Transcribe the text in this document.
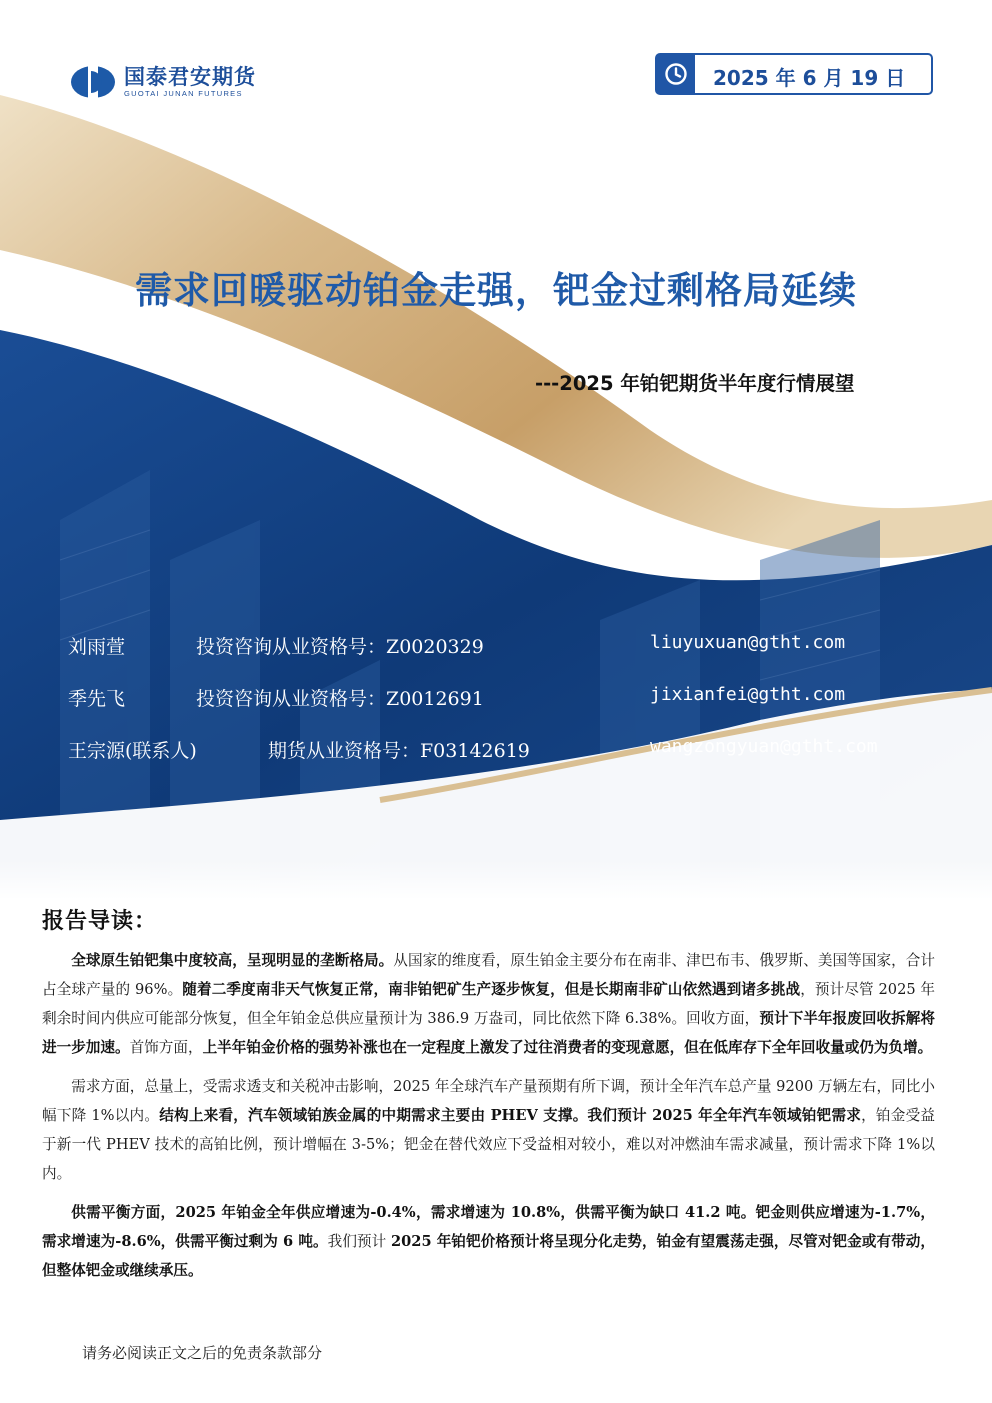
国泰君安期货
GUOTAI JUNAN FUTURES
2025 年 6 月 19 日
需求回暖驱动铂金走强，钯金过剩格局延续
---2025 年铂钯期货半年度行情展望
刘雨萱	投资咨询从业资格号：Z0020329	liuyuxuan@gtht.com
季先飞	投资咨询从业资格号：Z0012691	jixianfei@gtht.com
王宗源(联系人)	期货从业资格号：F03142619	wangzongyuan@gtht.com
报告导读：

全球原生铂钯集中度较高，呈现明显的垄断格局。从国家的维度看，原生铂金主要分布在南非、津巴布韦、俄罗斯、美国等国家，合计占全球产量的 96%。随着二季度南非天气恢复正常，南非铂钯矿生产逐步恢复，但是长期南非矿山依然遇到诸多挑战，预计尽管 2025 年剩余时间内供应可能部分恢复，但全年铂金总供应量预计为 386.9 万盎司，同比依然下降 6.38%。回收方面，预计下半年报废回收拆解将进一步加速。首饰方面，上半年铂金价格的强势补涨也在一定程度上激发了过往消费者的变现意愿，但在低库存下全年回收量或仍为负增。

需求方面，总量上，受需求透支和关税冲击影响，2025 年全球汽车产量预期有所下调，预计全年汽车总产量 9200 万辆左右，同比小幅下降 1%以内。结构上来看，汽车领域铂族金属的中期需求主要由 PHEV 支撑。我们预计 2025 年全年汽车领域铂钯需求，铂金受益于新一代 PHEV 技术的高铂比例，预计增幅在 3-5%；钯金在替代效应下受益相对较小，难以对冲燃油车需求减量，预计需求下降 1%以内。

供需平衡方面，2025 年铂金全年供应增速为-0.4%，需求增速为 10.8%，供需平衡为缺口 41.2 吨。钯金则供应增速为-1.7%，需求增速为-8.6%，供需平衡过剩为 6 吨。我们预计 2025 年铂钯价格预计将呈现分化走势，铂金有望震荡走强，尽管对钯金或有带动，但整体钯金或继续承压。

请务必阅读正文之后的免责条款部分
